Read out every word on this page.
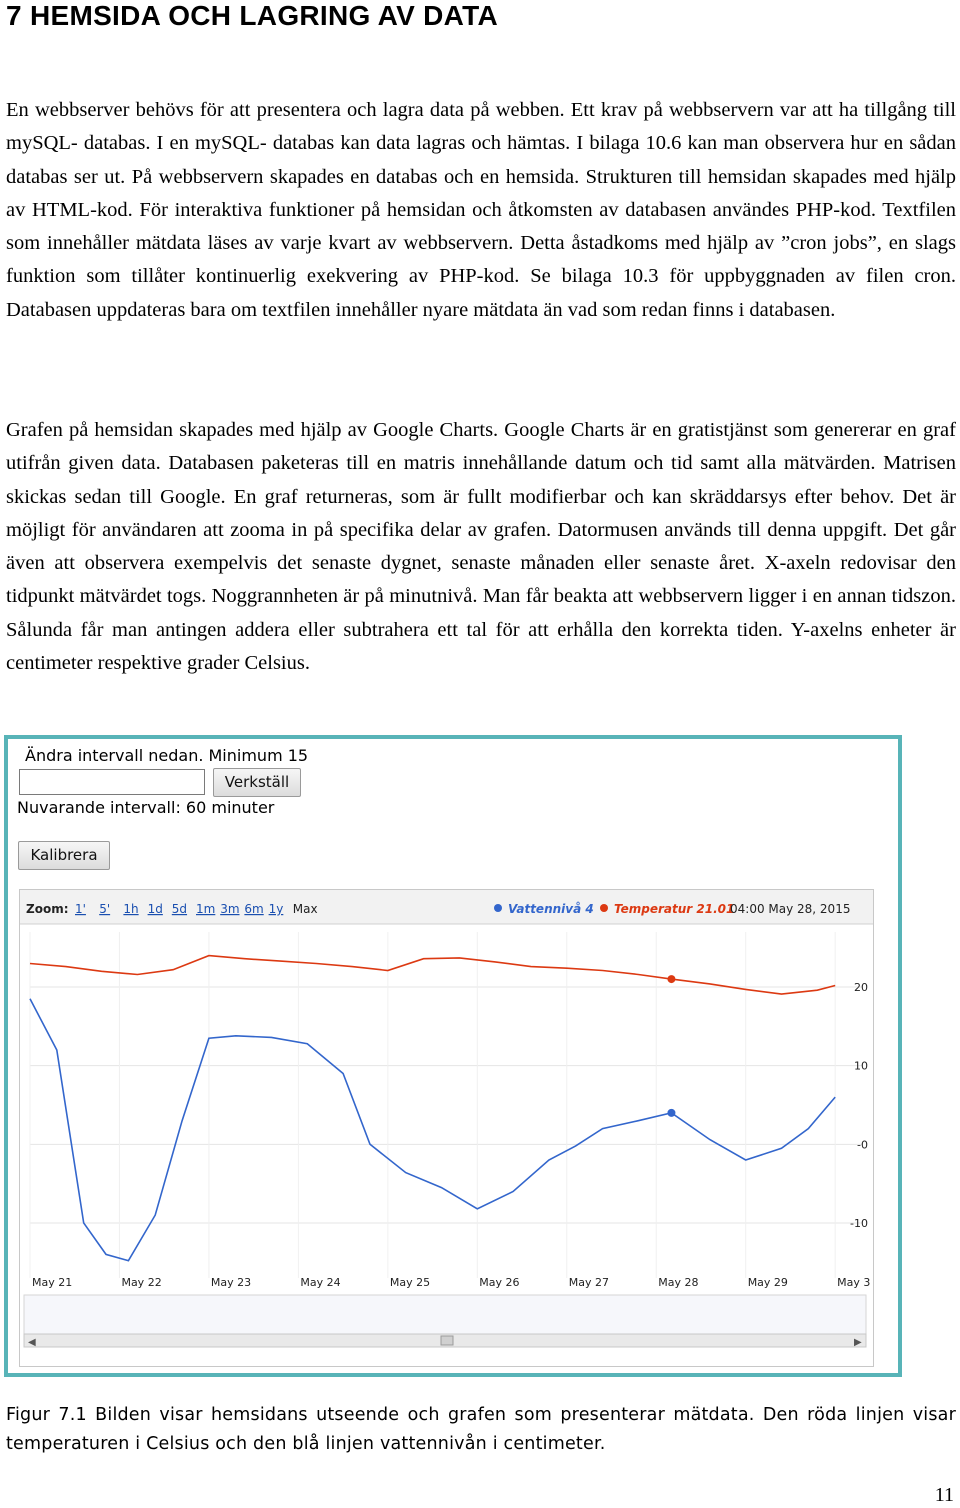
7 HEMSIDA OCH LAGRING AV DATA
En webbserver behövs för att presentera och lagra data på webben. Ett krav på webbservern var att ha tillgång till mySQL- databas. I en mySQL- databas kan data lagras och hämtas. I bilaga 10.6 kan man observera hur en sådan databas ser ut. På webbservern skapades en databas och en hemsida. Strukturen till hemsidan skapades med hjälp av HTML-kod. För interaktiva funktioner på hemsidan och åtkomsten av databasen användes PHP-kod. Textfilen som innehåller mätdata läses av varje kvart av webbservern. Detta åstadkoms med hjälp av ”cron jobs”, en slags funktion som tillåter kontinuerlig exekvering av PHP-kod. Se bilaga 10.3 för uppbyggnaden av filen cron. Databasen uppdateras bara om textfilen innehåller nyare mätdata än vad som redan finns i databasen.
Grafen på hemsidan skapades med hjälp av Google Charts. Google Charts är en gratistjänst som genererar en graf utifrån given data. Databasen paketeras till en matris innehållande datum och tid samt alla mätvärden. Matrisen skickas sedan till Google. En graf returneras, som är fullt modifierbar och kan skräddarsys efter behov. Det är möjligt för användaren att zooma in på specifika delar av grafen. Datormusen används till denna uppgift. Det går även att observera exempelvis det senaste dygnet, senaste månaden eller senaste året. X-axeln redovisar den tidpunkt mätvärdet togs. Noggrannheten är på minutnivå. Man får beakta att webbservern ligger i en annan tidszon. Sålunda får man antingen addera eller subtrahera ett tal för att erhålla den korrekta tiden. Y-axelns enheter är centimeter respektive grader Celsius.
Ändra intervall nedan. Minimum 15
Verkställ
Nuvarande intervall: 60 minuter
Kalibrera
Zoom: 1' 5' 1h 1d 5d 1m 3m 6m 1y Max	Vattennivå 4 Temperatur 21.01
04:00 May 28, 2015
20
10
-0
-10
May 21	May 22	May 23	May 24	May 25	May 26	May 27	May 28	May 29	May 3
◀	▶
Figur 7.1 Bilden visar hemsidans utseende och grafen som presenterar mätdata. Den röda linjen visar temperaturen i Celsius och den blå linjen vattennivån i centimeter.
11
